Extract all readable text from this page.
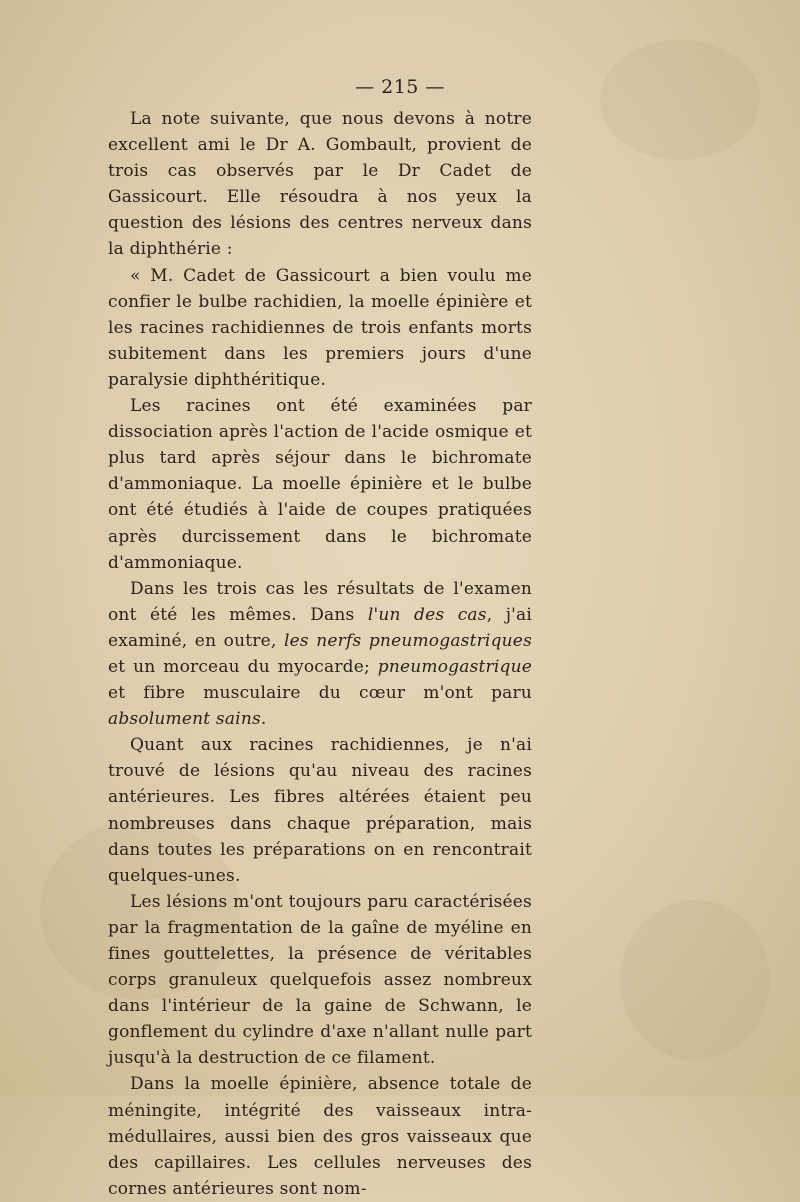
— 215 —

La note suivante, que nous devons à notre excellent ami le Dr A. Gombault, provient de trois cas observés par le Dr Cadet de Gassicourt. Elle résoudra à nos yeux la question des lésions des centres nerveux dans la diphthérie :

« M. Cadet de Gassicourt a bien voulu me confier le bulbe rachidien, la moelle épinière et les racines rachidiennes de trois enfants morts subitement dans les premiers jours d'une paralysie diphthéritique.

Les racines ont été examinées par dissociation après l'action de l'acide osmique et plus tard après séjour dans le bichromate d'ammoniaque. La moelle épinière et le bulbe ont été étudiés à l'aide de coupes pratiquées après durcissement dans le bichromate d'ammoniaque.

Dans les trois cas les résultats de l'examen ont été les mêmes. Dans l'un des cas, j'ai examiné, en outre, les nerfs pneumogastriques et un morceau du myocarde; pneumogastrique et fibre musculaire du cœur m'ont paru absolument sains.

Quant aux racines rachidiennes, je n'ai trouvé de lésions qu'au niveau des racines antérieures. Les fibres altérées étaient peu nombreuses dans chaque préparation, mais dans toutes les préparations on en rencontrait quelques-unes.

Les lésions m'ont toujours paru caractérisées par la fragmentation de la gaîne de myéline en fines gouttelettes, la présence de véritables corps granuleux quelquefois assez nombreux dans l'intérieur de la gaine de Schwann, le gonflement du cylindre d'axe n'allant nulle part jusqu'à la destruction de ce filament.

Dans la moelle épinière, absence totale de méningite, intégrité des vaisseaux intra-médullaires, aussi bien des gros vaisseaux que des capillaires. Les cellules nerveuses des cornes antérieures sont nom-
